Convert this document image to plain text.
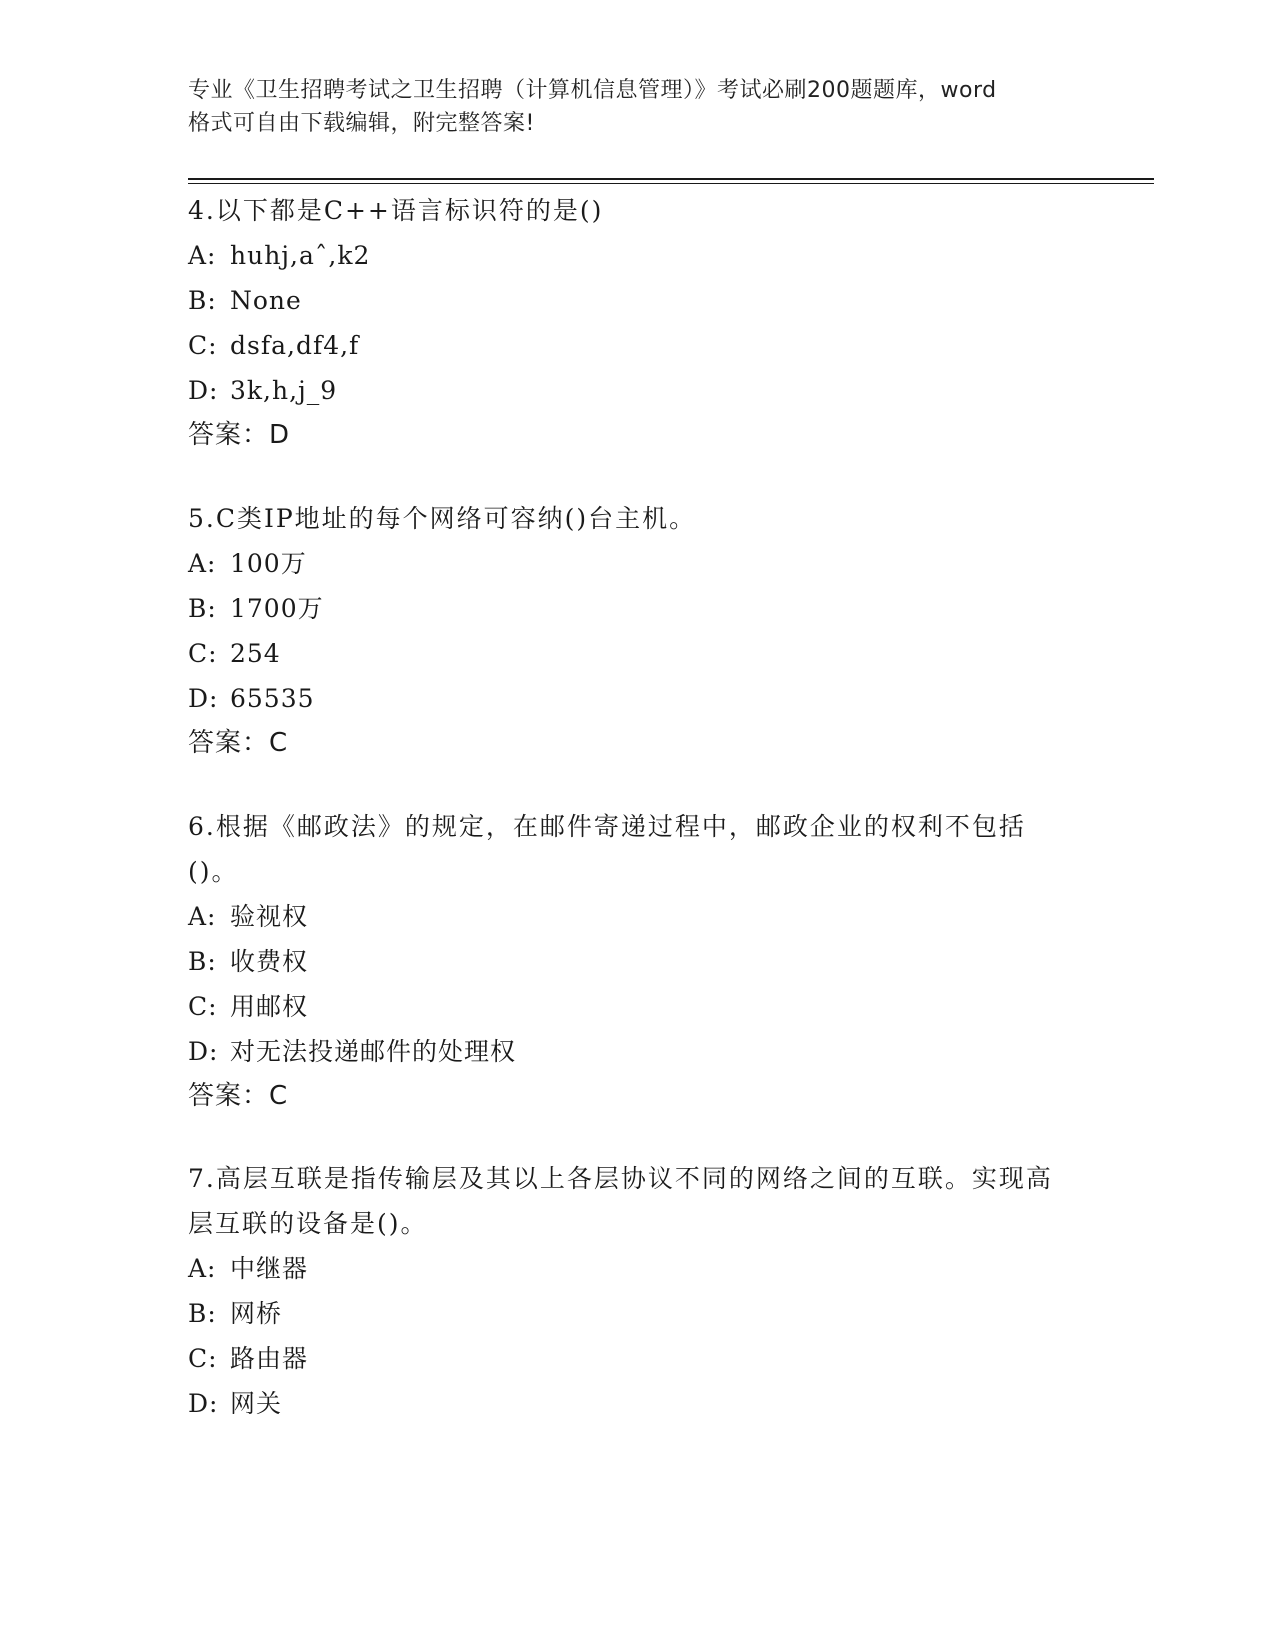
专业《卫生招聘考试之卫生招聘（计算机信息管理）》考试必刷200题题库，word
格式可自由下载编辑，附完整答案!

4.以下都是C++语言标识符的是()

A: huhj,aˆ,k2

B: None

C: dsfa,df4,f

D: 3k,h,j_9

答案：D

5.C类IP地址的每个网络可容纳()台主机。

A: 100万

B: 1700万

C: 254

D: 65535

答案：C

6.根据《邮政法》的规定，在邮件寄递过程中，邮政企业的权利不包括()。

A: 验视权

B: 收费权

C: 用邮权

D: 对无法投递邮件的处理权

答案：C

7.高层互联是指传输层及其以上各层协议不同的网络之间的互联。实现高层互联的设备是()。

A: 中继器

B: 网桥

C: 路由器

D: 网关
